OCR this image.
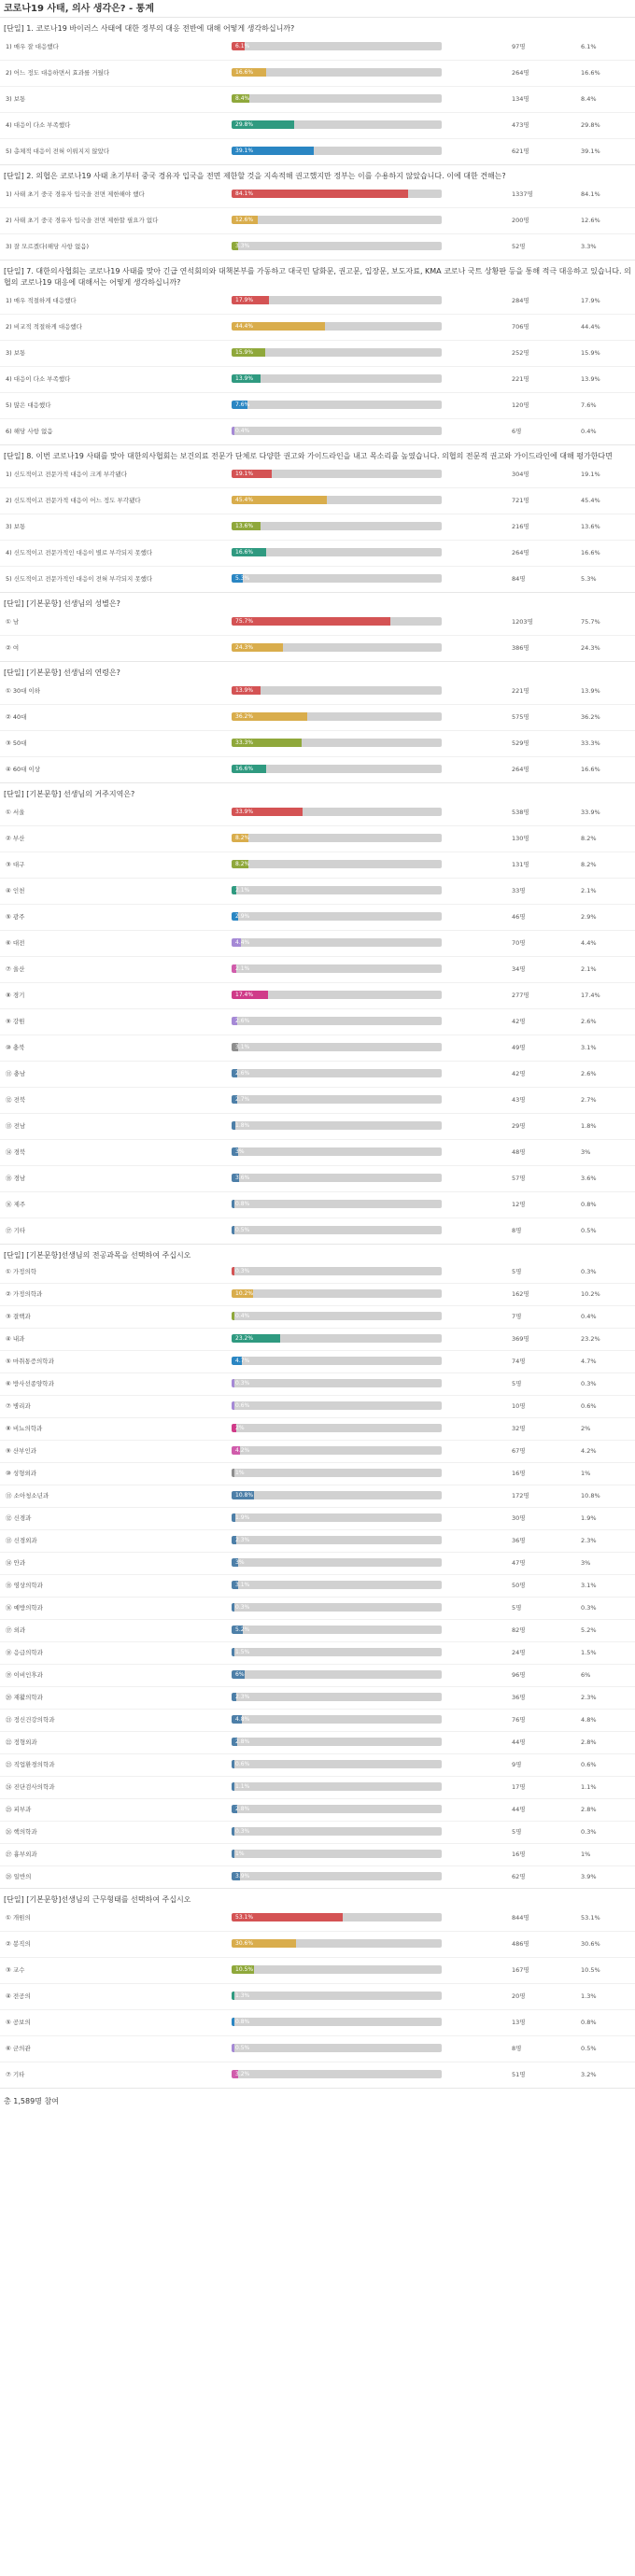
코로나19 사태, 의사 생각은? - 통계
[단일] 1. 코로나19 바이러스 사태에 대한 정부의 대응 전반에 대해 어떻게 생각하십니까?
1) 매우 잘 대응했다	6.1%	97명	6.1%
2) 어느 정도 대응하면서 효과를 거뒀다	16.6%	264명	16.6%
3) 보통	8.4%	134명	8.4%
4) 대응이 다소 부족했다	29.8%	473명	29.8%
5) 총체적 대응이 전혀 이뤄지지 않았다	39.1%	621명	39.1%
[단일] 2. 의협은 코로나19 사태 초기부터 중국 경유자 입국을 전면 제한할 것을 지속적해 권고했지만 정부는 이를 수용하지 않았습니다. 이에 대한 견해는?
1) 사태 초기 중국 경유자 입국을 전면 제한해야 했다	84.1%	1337명	84.1%
2) 사태 초기 중국 경유자 입국을 전면 제한할 필요가 없다	12.6%	200명	12.6%
3) 잘 모르겠다(해당 사항 없음)	3.3%	52명	3.3%
[단일] 7. 대한의사협회는 코로나19 사태를 맞아 긴급 연석회의와 대책본부를 가동하고 대국민 담화문, 권고문, 입장문, 보도자료, KMA 코로나 국트 상황판 등을 통해 적극 대응하고 있습니다. 의협의 코로나19 대응에 대해서는 어떻게 생각하십니까?
1) 매우 적절하게 대응했다	17.9%	284명	17.9%
2) 비교적 적절하게 대응했다	44.4%	706명	44.4%
3) 보통	15.9%	252명	15.9%
4) 대응이 다소 부족했다	13.9%	221명	13.9%
5) 많은 대응했다	7.6%	120명	7.6%
6) 해당 사항 없음	0.4%	6명	0.4%
[단일] 8. 이번 코로나19 사태를 맞아 대한의사협회는 보건의료 전문가 단체로 다양한 권고와 가이드라인을 내고 목소리를 높였습니다. 의협의 전문적 권고와 가이드라인에 대해 평가한다면
1) 신도적이고 전문가적 대응이 크게 부각됐다	19.1%	304명	19.1%
2) 신도적이고 전문가적 대응이 어느 정도 부각됐다	45.4%	721명	45.4%
3) 보통	13.6%	216명	13.6%
4) 신도적이고 전문가적인 대응이 별로 부각되지 못했다	16.6%	264명	16.6%
5) 신도적이고 전문가적인 대응이 전혀 부각되지 못했다	5.3%	84명	5.3%
[단일] [기본문항] 선생님의 성별은?
① 남	75.7%	1203명	75.7%
② 여	24.3%	386명	24.3%
[단일] [기본문항] 선생님의 연령은?
① 30대 이하	13.9%	221명	13.9%
② 40대	36.2%	575명	36.2%
③ 50대	33.3%	529명	33.3%
④ 60대 이상	16.6%	264명	16.6%
[단일] [기본문항] 선생님의 거주지역은?
① 서울	33.9%	538명	33.9%
② 부산	8.2%	130명	8.2%
③ 대구	8.2%	131명	8.2%
④ 인천	2.1%	33명	2.1%
⑤ 광주	2.9%	46명	2.9%
⑥ 대전	4.4%	70명	4.4%
⑦ 울산	2.1%	34명	2.1%
⑧ 경기	17.4%	277명	17.4%
⑨ 강원	2.6%	42명	2.6%
⑩ 충북	3.1%	49명	3.1%
⑪ 충남	2.6%	42명	2.6%
⑫ 전북	2.7%	43명	2.7%
⑬ 전남	1.8%	29명	1.8%
⑭ 경북	3%	48명	3%
⑮ 경남	3.6%	57명	3.6%
⑯ 제주	0.8%	12명	0.8%
⑰ 기타	0.5%	8명	0.5%
[단일] [기본문항]선생님의 전공과목을 선택하여 주십시오
① 가정의학	0.3%	5명	0.3%
② 가정의학과	10.2%	162명	10.2%
③ 결핵과	0.4%	7명	0.4%
④ 내과	23.2%	369명	23.2%
⑤ 마취통증의학과	4.7%	74명	4.7%
⑥ 방사선종양학과	0.3%	5명	0.3%
⑦ 병리과	0.6%	10명	0.6%
⑧ 비뇨의학과	2%	32명	2%
⑨ 산부인과	4.2%	67명	4.2%
⑩ 성형외과	1%	16명	1%
⑪ 소아청소년과	10.8%	172명	10.8%
⑫ 신경과	1.9%	30명	1.9%
⑬ 신경외과	2.3%	36명	2.3%
⑭ 안과	3%	47명	3%
⑮ 영상의학과	3.1%	50명	3.1%
⑯ 예방의학과	0.3%	5명	0.3%
⑰ 외과	5.2%	82명	5.2%
⑱ 응급의학과	1.5%	24명	1.5%
⑲ 이비인후과	6%	96명	6%
⑳ 재활의학과	2.3%	36명	2.3%
㉑ 정신건강의학과	4.8%	76명	4.8%
㉒ 정형외과	2.8%	44명	2.8%
㉓ 직업환경의학과	0.6%	9명	0.6%
㉔ 진단검사의학과	1.1%	17명	1.1%
㉕ 피부과	2.8%	44명	2.8%
㉖ 핵의학과	0.3%	5명	0.3%
㉗ 흉부외과	1%	16명	1%
㉘ 일반의	3.9%	62명	3.9%
[단일] [기본문항]선생님의 근무형태를 선택하여 주십시오
① 개원의	53.1%	844명	53.1%
② 봉직의	30.6%	486명	30.6%
③ 교수	10.5%	167명	10.5%
④ 전공의	1.3%	20명	1.3%
⑤ 공보의	0.8%	13명	0.8%
⑥ 군의관	0.5%	8명	0.5%
⑦ 기타	3.2%	51명	3.2%
총 1,589명 참여
